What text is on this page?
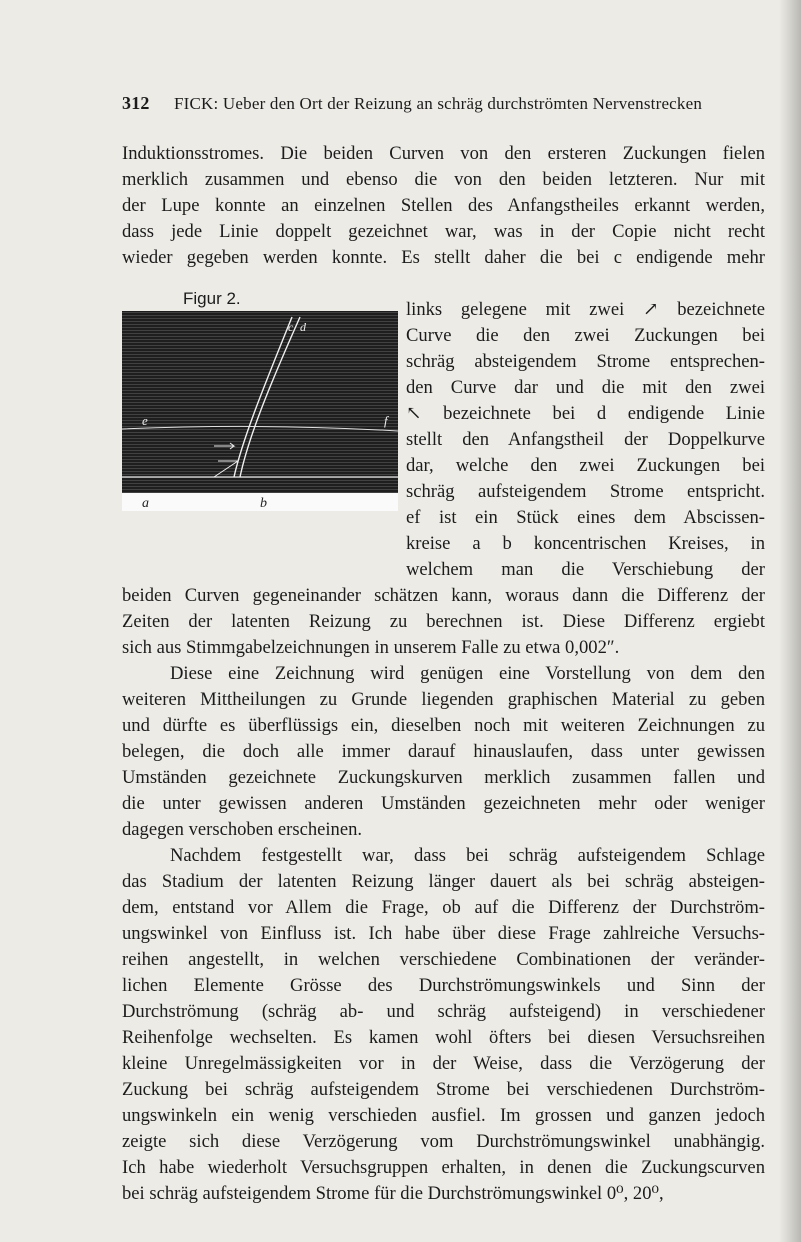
312 FICK: Ueber den Ort der Reizung an schräg durchströmten Nervenstrecken
Induktionsstromes. Die beiden Curven von den ersteren Zuckungen fielen
merklich zusammen und ebenso die von den beiden letzteren. Nur mit
der Lupe konnte an einzelnen Stellen des Anfangstheiles erkannt werden,
dass jede Linie doppelt gezeichnet war, was in der Copie nicht recht
wieder gegeben werden konnte. Es stellt daher die bei c endigende mehr
Figur 2.
c d
e	f
a	b
links gelegene mit zwei ↗ bezeichnete
Curve die den zwei Zuckungen bei
schräg absteigendem Strome entsprechen-
den Curve dar und die mit den zwei
↖ bezeichnete bei d endigende Linie
stellt den Anfangstheil der Doppelkurve
dar, welche den zwei Zuckungen bei
schräg aufsteigendem Strome entspricht.
ef ist ein Stück eines dem Abscissen-
kreise a b koncentrischen Kreises, in
welchem man die Verschiebung der
beiden Curven gegeneinander schätzen kann, woraus dann die Differenz der
Zeiten der latenten Reizung zu berechnen ist. Diese Differenz ergiebt
sich aus Stimmgabelzeichnungen in unserem Falle zu etwa 0,002″.
Diese eine Zeichnung wird genügen eine Vorstellung von dem den
weiteren Mittheilungen zu Grunde liegenden graphischen Material zu geben
und dürfte es überflüssigs ein, dieselben noch mit weiteren Zeichnungen zu
belegen, die doch alle immer darauf hinauslaufen, dass unter gewissen
Umständen gezeichnete Zuckungskurven merklich zusammen fallen und
die unter gewissen anderen Umständen gezeichneten mehr oder weniger
dagegen verschoben erscheinen.
Nachdem festgestellt war, dass bei schräg aufsteigendem Schlage
das Stadium der latenten Reizung länger dauert als bei schräg absteigen-
dem, entstand vor Allem die Frage, ob auf die Differenz der Durchström-
ungswinkel von Einfluss ist. Ich habe über diese Frage zahlreiche Versuchs-
reihen angestellt, in welchen verschiedene Combinationen der veränder-
lichen Elemente Grösse des Durchströmungswinkels und Sinn der
Durchströmung (schräg ab- und schräg aufsteigend) in verschiedener
Reihenfolge wechselten. Es kamen wohl öfters bei diesen Versuchsreihen
kleine Unregelmässigkeiten vor in der Weise, dass die Verzögerung der
Zuckung bei schräg aufsteigendem Strome bei verschiedenen Durchström-
ungswinkeln ein wenig verschieden ausfiel. Im grossen und ganzen jedoch
zeigte sich diese Verzögerung vom Durchströmungswinkel unabhängig.
Ich habe wiederholt Versuchsgruppen erhalten, in denen die Zuckungscurven
bei schräg aufsteigendem Strome für die Durchströmungswinkel 0⁰, 20⁰,
